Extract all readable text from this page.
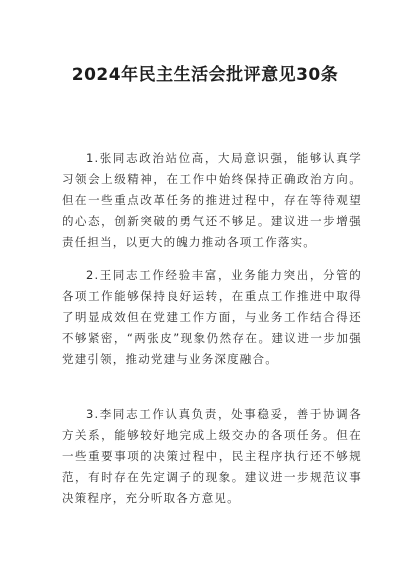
2024年民主生活会批评意见30条

1.张同志政治站位高，大局意识强，能够认真学习领会上级精神，在工作中始终保持正确政治方向。但在一些重点改革任务的推进过程中，存在等待观望的心态，创新突破的勇气还不够足。建议进一步增强责任担当，以更大的魄力推动各项工作落实。

2.王同志工作经验丰富，业务能力突出，分管的各项工作能够保持良好运转，在重点工作推进中取得了明显成效但在党建工作方面，与业务工作结合得还不够紧密，“两张皮”现象仍然存在。建议进一步加强党建引领，推动党建与业务深度融合。

3.李同志工作认真负责，处事稳妥，善于协调各方关系，能够较好地完成上级交办的各项任务。但在一些重要事项的决策过程中，民主程序执行还不够规范，有时存在先定调子的现象。建议进一步规范议事决策程序，充分听取各方意见。
